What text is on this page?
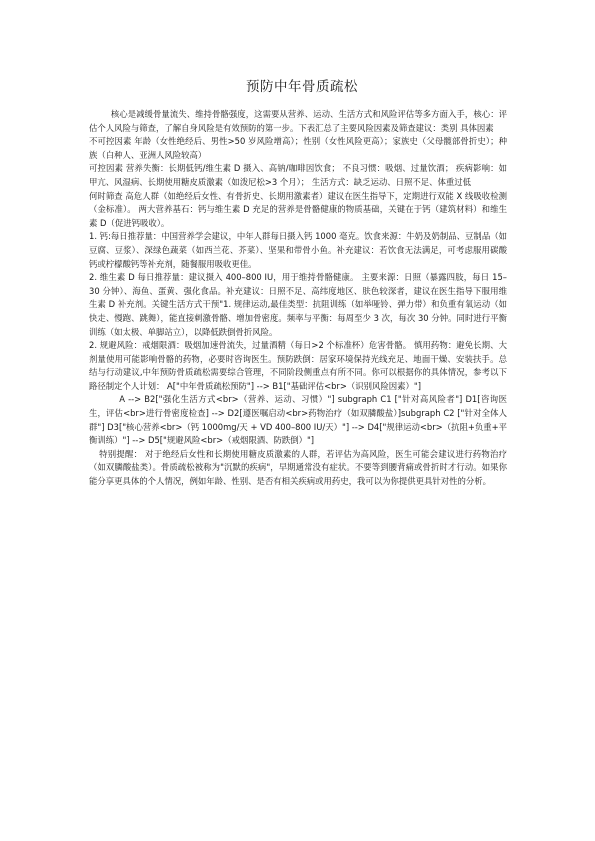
预防中年骨质疏松

核心是减缓骨量流失、维持骨骼强度，这需要从营养、运动、生活方式和风险评估等多方面入手，核心：评估个人风险与筛查，了解自身风险是有效预防的第一步。下表汇总了主要风险因素及筛查建议：类别 具体因素

不可控因素 年龄（女性绝经后、男性>50 岁风险增高）；性别（女性风险更高）；家族史（父母髋部骨折史）；种族（白种人、亚洲人风险较高）

可控因素 营养失衡：长期低钙/维生素 D 摄入、高钠/咖啡因饮食； 不良习惯：吸烟、过量饮酒； 疾病影响：如甲亢、风湿病、长期使用糖皮质激素（如泼尼松>3 个月）； 生活方式：缺乏运动、日照不足、体重过低

何时筛查 高危人群（如绝经后女性、有骨折史、长期用激素者）建议在医生指导下，定期进行双能 X 线吸收检测（金标准）。 两大营养基石：钙与维生素 D 充足的营养是骨骼健康的物质基础，关键在于钙（建筑材料）和维生素 D（促进钙吸收）。

1. 钙:每日推荐量：中国营养学会建议，中年人群每日摄入钙 1000 毫克。饮食来源：牛奶及奶制品、豆制品（如豆腐、豆浆）、深绿色蔬菜（如西兰花、芥菜）、坚果和带骨小鱼。补充建议：若饮食无法满足，可考虑服用碳酸钙或柠檬酸钙等补充剂，随餐服用吸收更佳。

2. 维生素 D 每日推荐量：建议摄入 400–800 IU，用于维持骨骼健康。 主要来源：日照（暴露四肢，每日 15–30 分钟）、海鱼、蛋黄、强化食品。补充建议：日照不足、高纬度地区、肤色较深者，建议在医生指导下服用维生素 D 补充剂。关键生活方式干预"1. 规律运动,最佳类型：抗阻训练（如举哑铃、弹力带）和负重有氧运动（如快走、慢跑、跳舞），能直接刺激骨骼、增加骨密度。频率与平衡：每周至少 3 次，每次 30 分钟。同时进行平衡训练（如太极、单脚站立），以降低跌倒骨折风险。

2. 规避风险：戒烟限酒：吸烟加速骨流失，过量酒精（每日>2 个标准杯）危害骨骼。 慎用药物：避免长期、大剂量使用可能影响骨骼的药物，必要时咨询医生。预防跌倒：居家环境保持光线充足、地面干燥、安装扶手。总结与行动建议,中年预防骨质疏松需要综合管理，不同阶段侧重点有所不同。你可以根据你的具体情况，参考以下路径制定个人计划： A["中年骨质疏松预防"] --> B1["基础评估<br>（识别风险因素）"]

A --> B2["强化生活方式<br>（营养、运动、习惯）"] subgraph C1 ["针对高风险者"] D1[咨询医生，评估<br>进行骨密度检查] --> D2[遵医嘱启动<br>药物治疗（如双膦酸盐）]subgraph C2 ["针对全体人群"] D3["核心营养<br>（钙 1000mg/天 + VD 400–800 IU/天）"] --> D4["规律运动<br>（抗阻+负重+平衡训练）"] --> D5["规避风险<br>（戒烟限酒、防跌倒）"]

特别提醒： 对于绝经后女性和长期使用糖皮质激素的人群，若评估为高风险，医生可能会建议进行药物治疗（如双膦酸盐类）。骨质疏松被称为"沉默的疾病"，早期通常没有症状。不要等到腰背痛或骨折时才行动。如果你能分享更具体的个人情况，例如年龄、性别、是否有相关疾病或用药史，我可以为你提供更具针对性的分析。
